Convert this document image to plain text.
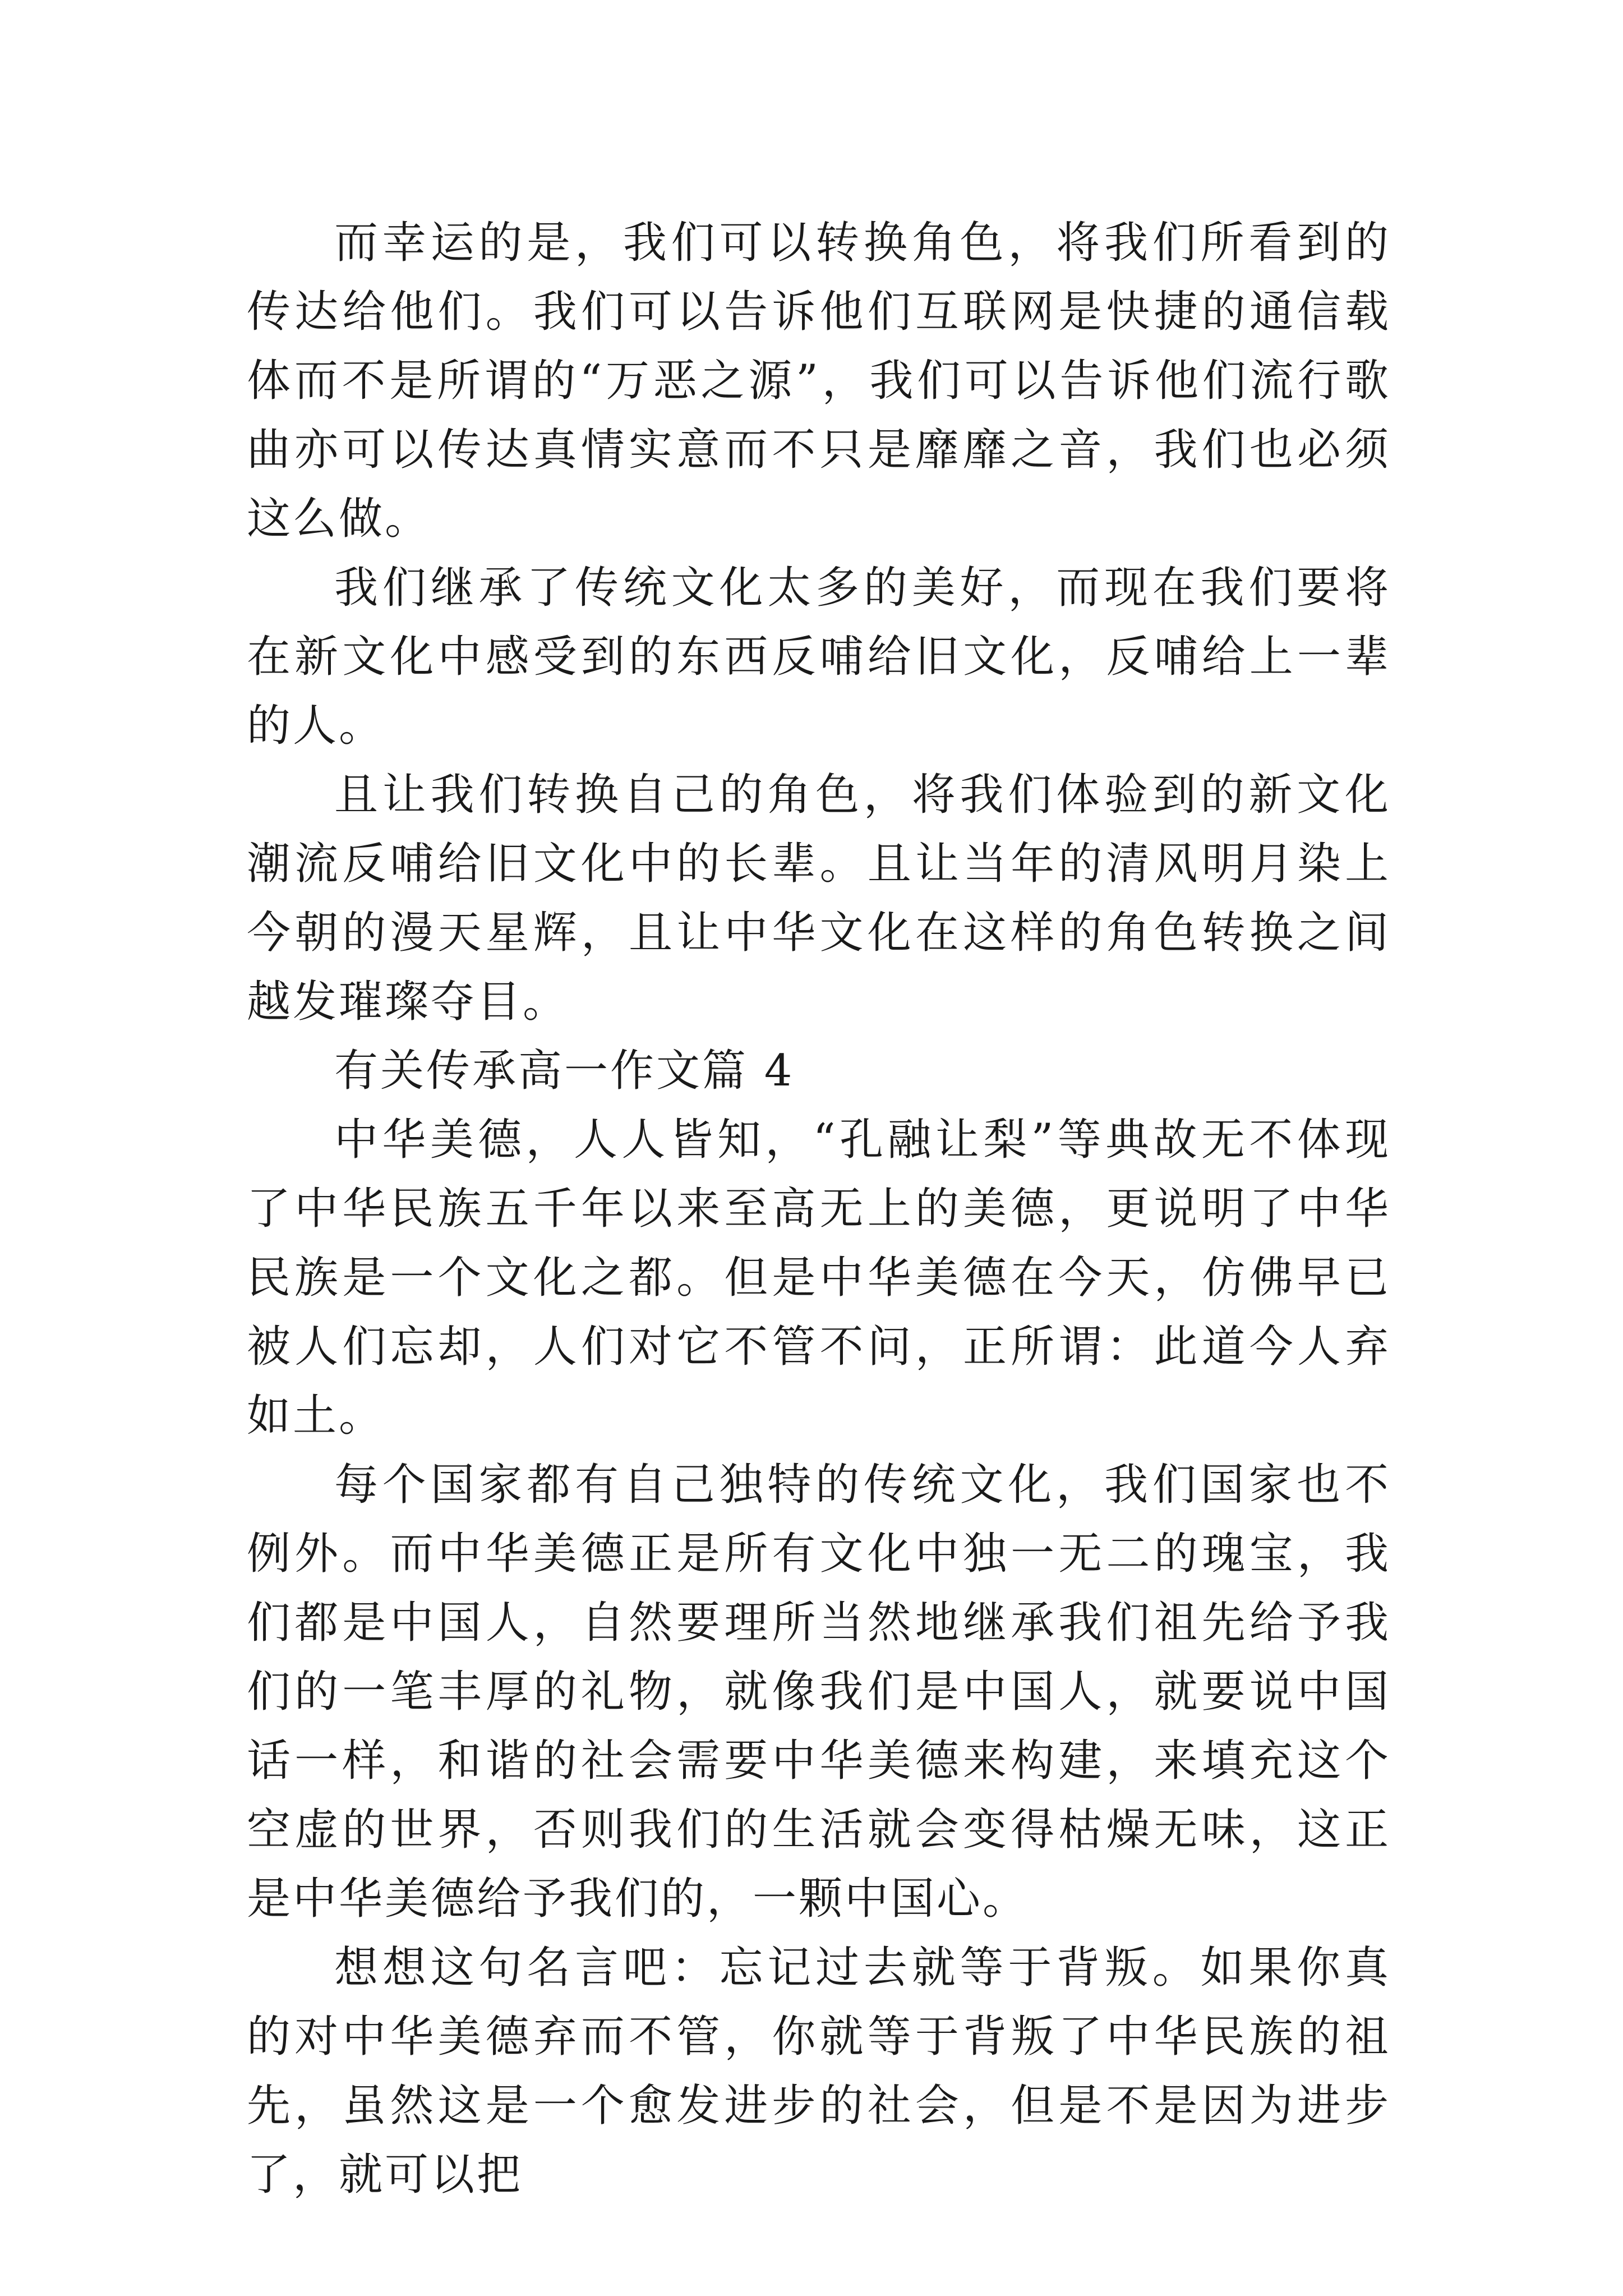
而幸运的是，我们可以转换角色，将我们所看到的传达给他们。我们可以告诉他们互联网是快捷的通信载体而不是所谓的“万恶之源”，我们可以告诉他们流行歌曲亦可以传达真情实意而不只是靡靡之音，我们也必须这么做。

我们继承了传统文化太多的美好，而现在我们要将在新文化中感受到的东西反哺给旧文化，反哺给上一辈的人。

且让我们转换自己的角色，将我们体验到的新文化潮流反哺给旧文化中的长辈。且让当年的清风明月染上今朝的漫天星辉，且让中华文化在这样的角色转换之间越发璀璨夺目。

有关传承高一作文篇 4

中华美德，人人皆知，“孔融让梨”等典故无不体现了中华民族五千年以来至高无上的美德，更说明了中华民族是一个文化之都。但是中华美德在今天，仿佛早已被人们忘却，人们对它不管不问，正所谓：此道今人弃如土。

每个国家都有自己独特的传统文化，我们国家也不例外。而中华美德正是所有文化中独一无二的瑰宝，我们都是中国人，自然要理所当然地继承我们祖先给予我们的一笔丰厚的礼物，就像我们是中国人，就要说中国话一样，和谐的社会需要中华美德来构建，来填充这个空虚的世界，否则我们的生活就会变得枯燥无味，这正是中华美德给予我们的，一颗中国心。

想想这句名言吧：忘记过去就等于背叛。如果你真的对中华美德弃而不管，你就等于背叛了中华民族的祖先，虽然这是一个愈发进步的社会，但是不是因为进步了，就可以把
